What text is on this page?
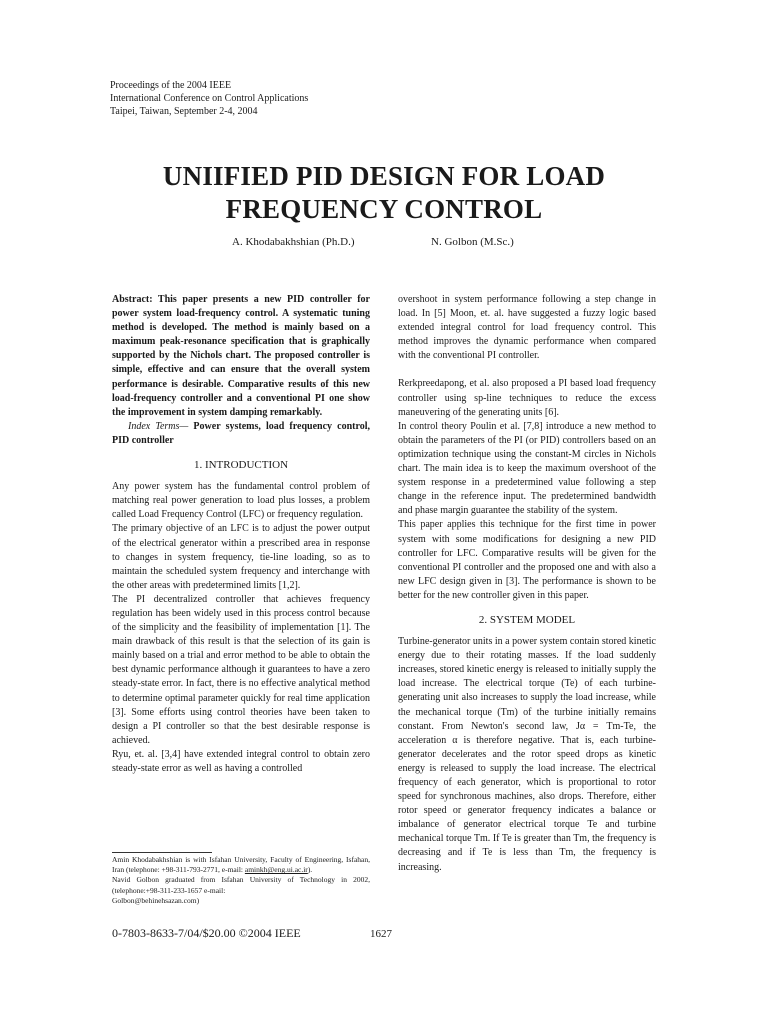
Proceedings of the 2004 IEEE
International Conference on Control Applications
Taipei, Taiwan, September 2-4, 2004
UNIIFIED PID DESIGN FOR LOAD
FREQUENCY CONTROL
A. Khodabakhshian (Ph.D.)	N. Golbon (M.Sc.)

Abstract: This paper presents a new PID controller for power system load-frequency control. A systematic tuning method is developed. The method is mainly based on a maximum peak-resonance specification that is graphically supported by the Nichols chart. The proposed controller is simple, effective and can ensure that the overall system performance is desirable. Comparative results of this new load-frequency controller and a conventional PI one show the improvement in system damping remarkably.

Index Terms— Power systems, load frequency control, PID controller

1. INTRODUCTION

Any power system has the fundamental control problem of matching real power generation to load plus losses, a problem called Load Frequency Control (LFC) or frequency regulation.

The primary objective of an LFC is to adjust the power output of the electrical generator within a prescribed area in response to changes in system frequency, tie-line loading, so as to maintain the scheduled system frequency and interchange with the other areas with predetermined limits [1,2].

The PI decentralized controller that achieves frequency regulation has been widely used in this process control because of the simplicity and the feasibility of implementation [1]. The main drawback of this result is that the selection of its gain is mainly based on a trial and error method to be able to obtain the best dynamic performance although it guarantees to have a zero steady-state error. In fact, there is no effective analytical method to determine optimal parameter quickly for real time application [3]. Some efforts using control theories have been taken to design a PI controller so that the best desirable response is achieved.

Ryu, et. al. [3,4] have extended integral control to obtain zero steady-state error as well as having a controlled

overshoot in system performance following a step change in load. In [5] Moon, et. al. have suggested a fuzzy logic based extended integral control for load frequency control. This method improves the dynamic performance when compared with the conventional PI controller.

Rerkpreedapong, et al. also proposed a PI based load frequency controller using sp-line techniques to reduce the excess maneuvering of the generating units [6].

In control theory Poulin et al. [7,8] introduce a new method to obtain the parameters of the PI (or PID) controllers based on an optimization technique using the constant-M circles in Nichols chart. The main idea is to keep the maximum overshoot of the system response in a predetermined value following a step change in the reference input. The predetermined bandwidth and phase margin guarantee the stability of the system.

This paper applies this technique for the first time in power system with some modifications for designing a new PID controller for LFC. Comparative results will be given for the conventional PI controller and the proposed one and with also a new LFC design given in [3]. The performance is shown to be better for the new controller given in this paper.

2. SYSTEM MODEL

Turbine-generator units in a power system contain stored kinetic energy due to their rotating masses. If the load suddenly increases, stored kinetic energy is released to initially supply the load increase. The electrical torque (Te) of each turbine-generating unit also increases to supply the load increase, while the mechanical torque (Tm) of the turbine initially remains constant. From Newton's second law, Jα = Tm-Te, the acceleration α is therefore negative. That is, each turbine-generator decelerates and the rotor speed drops as kinetic energy is released to supply the load increase. The electrical frequency of each generator, which is proportional to rotor speed for synchronous machines, also drops. Therefore, either rotor speed or generator frequency indicates a balance or imbalance of generator electrical torque Te and turbine mechanical torque Tm. If Te is greater than Tm, the frequency is decreasing and if Te is less than Tm, the frequency is increasing.

Amin Khodabakhshian is with Isfahan University, Faculty of Engineering, Isfahan, Iran (telephone: +98-311-793-2771, e-mail: aminkh@eng.ui.ac.ir).

Navid Golbon graduated from Isfahan University of Technology in 2002, (telephone:+98-311-233-1657 e-mail:
Golbon@behinehsazan.com)

0-7803-8633-7/04/$20.00 ©2004 IEEE	1627
